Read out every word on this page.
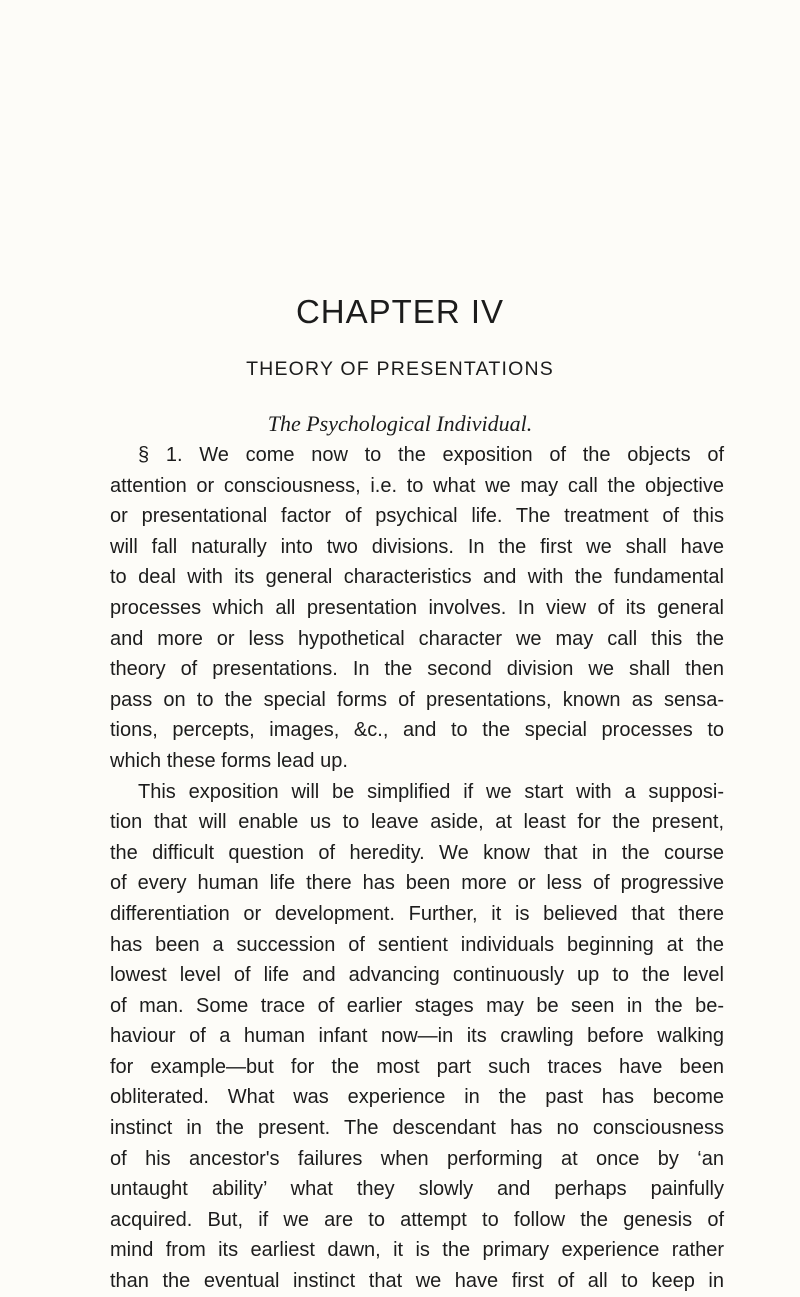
CHAPTER IV
THEORY OF PRESENTATIONS
The Psychological Individual.
§ 1. We come now to the exposition of the objects of
attention or consciousness, i.e. to what we may call the objective
or presentational factor of psychical life. The treatment of this
will fall naturally into two divisions. In the first we shall have
to deal with its general characteristics and with the fundamental
processes which all presentation involves. In view of its general
and more or less hypothetical character we may call this the
theory of presentations. In the second division we shall then
pass on to the special forms of presentations, known as sensa-
tions, percepts, images, &c., and to the special processes to
which these forms lead up.
This exposition will be simplified if we start with a supposi-
tion that will enable us to leave aside, at least for the present,
the difficult question of heredity. We know that in the course
of every human life there has been more or less of progressive
differentiation or development. Further, it is believed that there
has been a succession of sentient individuals beginning at the
lowest level of life and advancing continuously up to the level
of man. Some trace of earlier stages may be seen in the be-
haviour of a human infant now—in its crawling before walking
for example—but for the most part such traces have been
obliterated. What was experience in the past has become
instinct in the present. The descendant has no consciousness
of his ancestor's failures when performing at once by ‘an
untaught ability’ what they slowly and perhaps painfully
acquired. But, if we are to attempt to follow the genesis of
mind from its earliest dawn, it is the primary experience rather
than the eventual instinct that we have first of all to keep in
